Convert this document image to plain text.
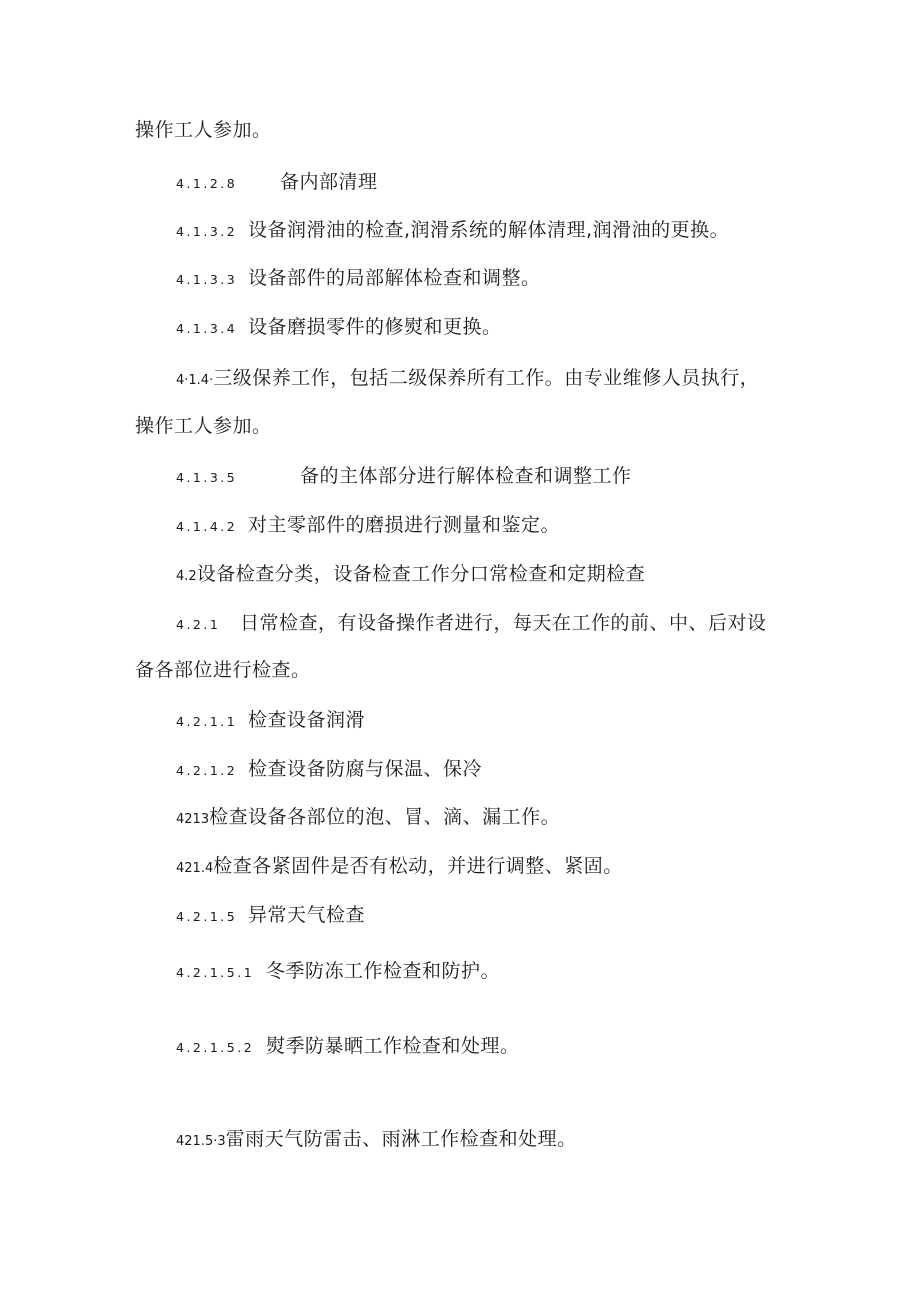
操作工人参加。
4.1.2.8 备内部清理
4.1.3.2 设备润滑油的检查,润滑系统的解体清理,润滑油的更换。
4.1.3.3 设备部件的局部解体检查和调整。
4.1.3.4 设备磨损零件的修熨和更换。
4·1.4·三级保养工作，包括二级保养所有工作。由专业维修人员执行，
操作工人参加。
4.1.3.5	备的主体部分进行解体检查和调整工作
4.1.4.2 对主零部件的磨损进行测量和鉴定。
4.2设备检查分类，设备检查工作分口常检查和定期检查
4.2.1 日常检查，有设备操作者进行，每天在工作的前、中、后对设
备各部位进行检查。
4.2.1.1 检查设备润滑
4.2.1.2 检查设备防腐与保温、保冷
4213检查设备各部位的泡、冒、滴、漏工作。
421.4检查各紧固件是否有松动，并进行调整、紧固。
4.2.1.5 异常天气检查
4.2.1.5.1 冬季防冻工作检查和防护。
4.2.1.5.2 熨季防暴晒工作检查和处理。
421.5·3雷雨天气防雷击、雨淋工作检查和处理。
